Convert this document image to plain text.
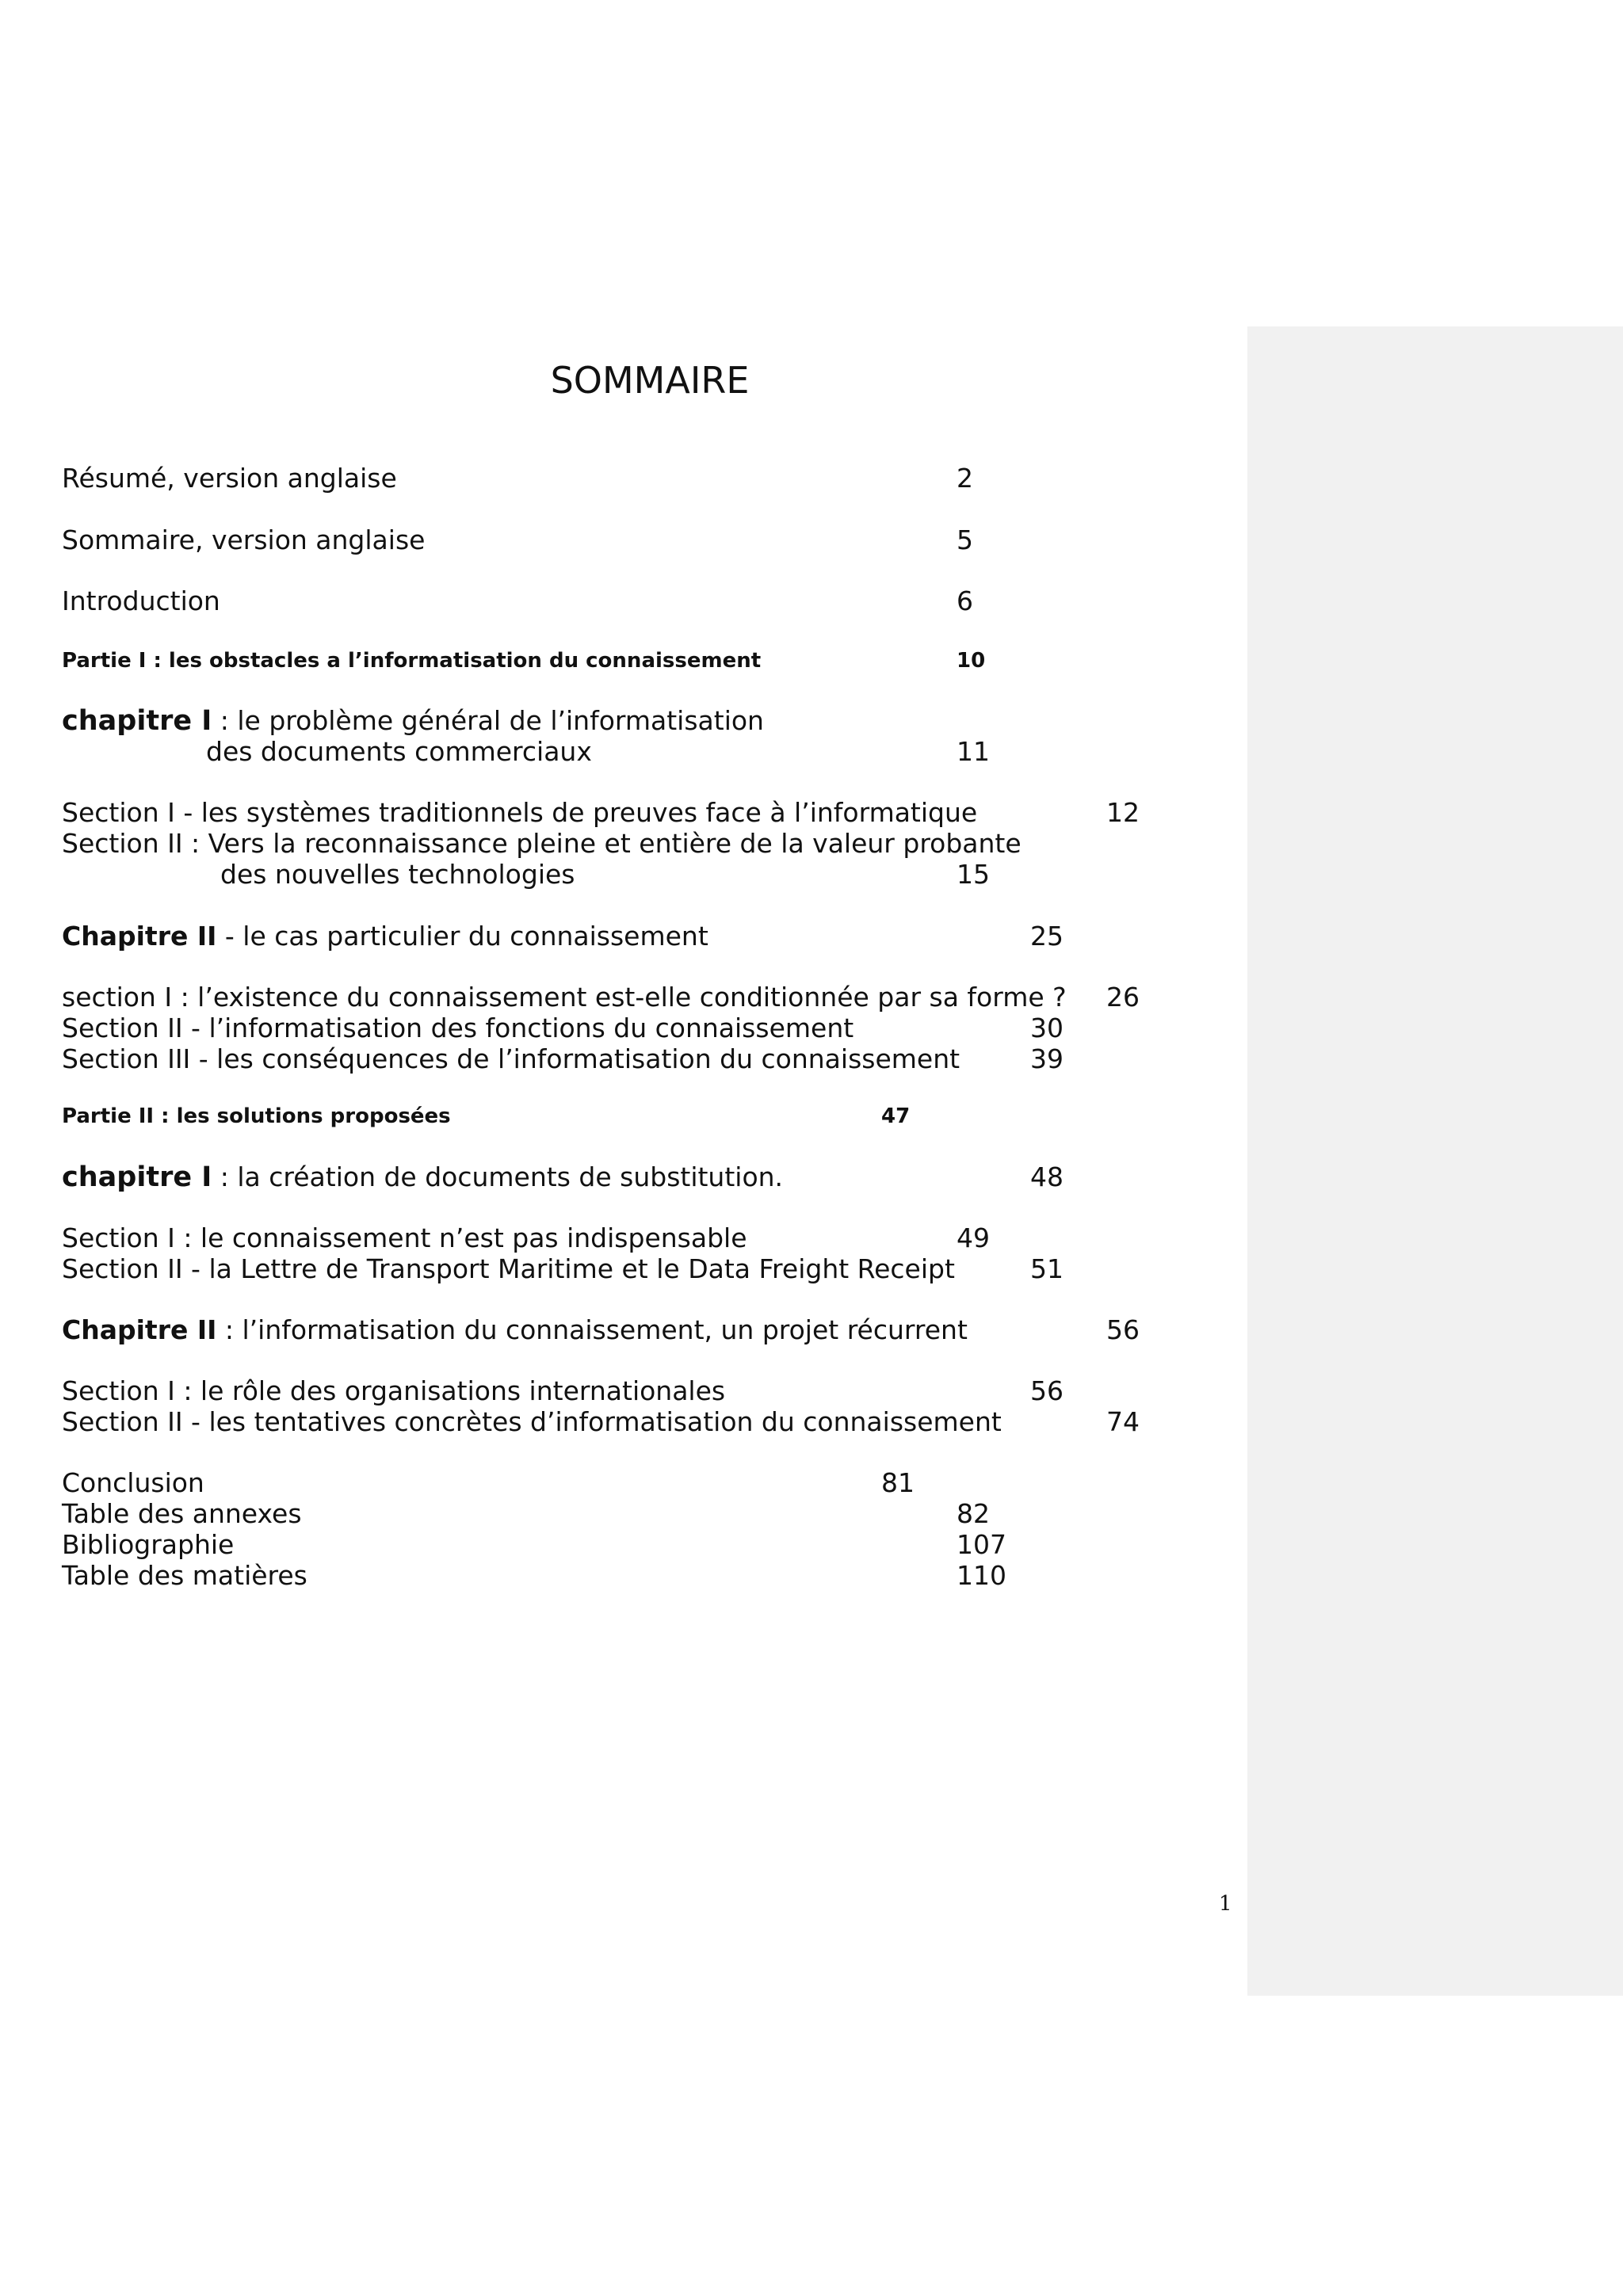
SOMMAIRE
Résumé, version anglaise	2
Sommaire, version anglaise	5
Introduction	6
Partie I : les obstacles a l’informatisation du connaissement	10
chapitre I : le problème général de l’informatisation
des documents commerciaux	11
Section I - les systèmes traditionnels de preuves face à l’informatique	12
Section II : Vers la reconnaissance pleine et entière de la valeur probante
des nouvelles technologies	15
Chapitre II - le cas particulier du connaissement	25
section I : l’existence du connaissement est-elle conditionnée par sa forme ? 26
Section II - l’informatisation des fonctions du connaissement	30
Section III - les conséquences de l’informatisation du connaissement	39
Partie II : les solutions proposées	47
chapitre I : la création de documents de substitution.	48
Section I : le connaissement n’est pas indispensable	49
Section II - la Lettre de Transport Maritime et le Data Freight Receipt	51
Chapitre II : l’informatisation du connaissement, un projet récurrent	56
Section I : le rôle des organisations internationales	56
Section II - les tentatives concrètes d’informatisation du connaissement	74
Conclusion	81
Table des annexes	82
Bibliographie	107
Table des matières	110
1
